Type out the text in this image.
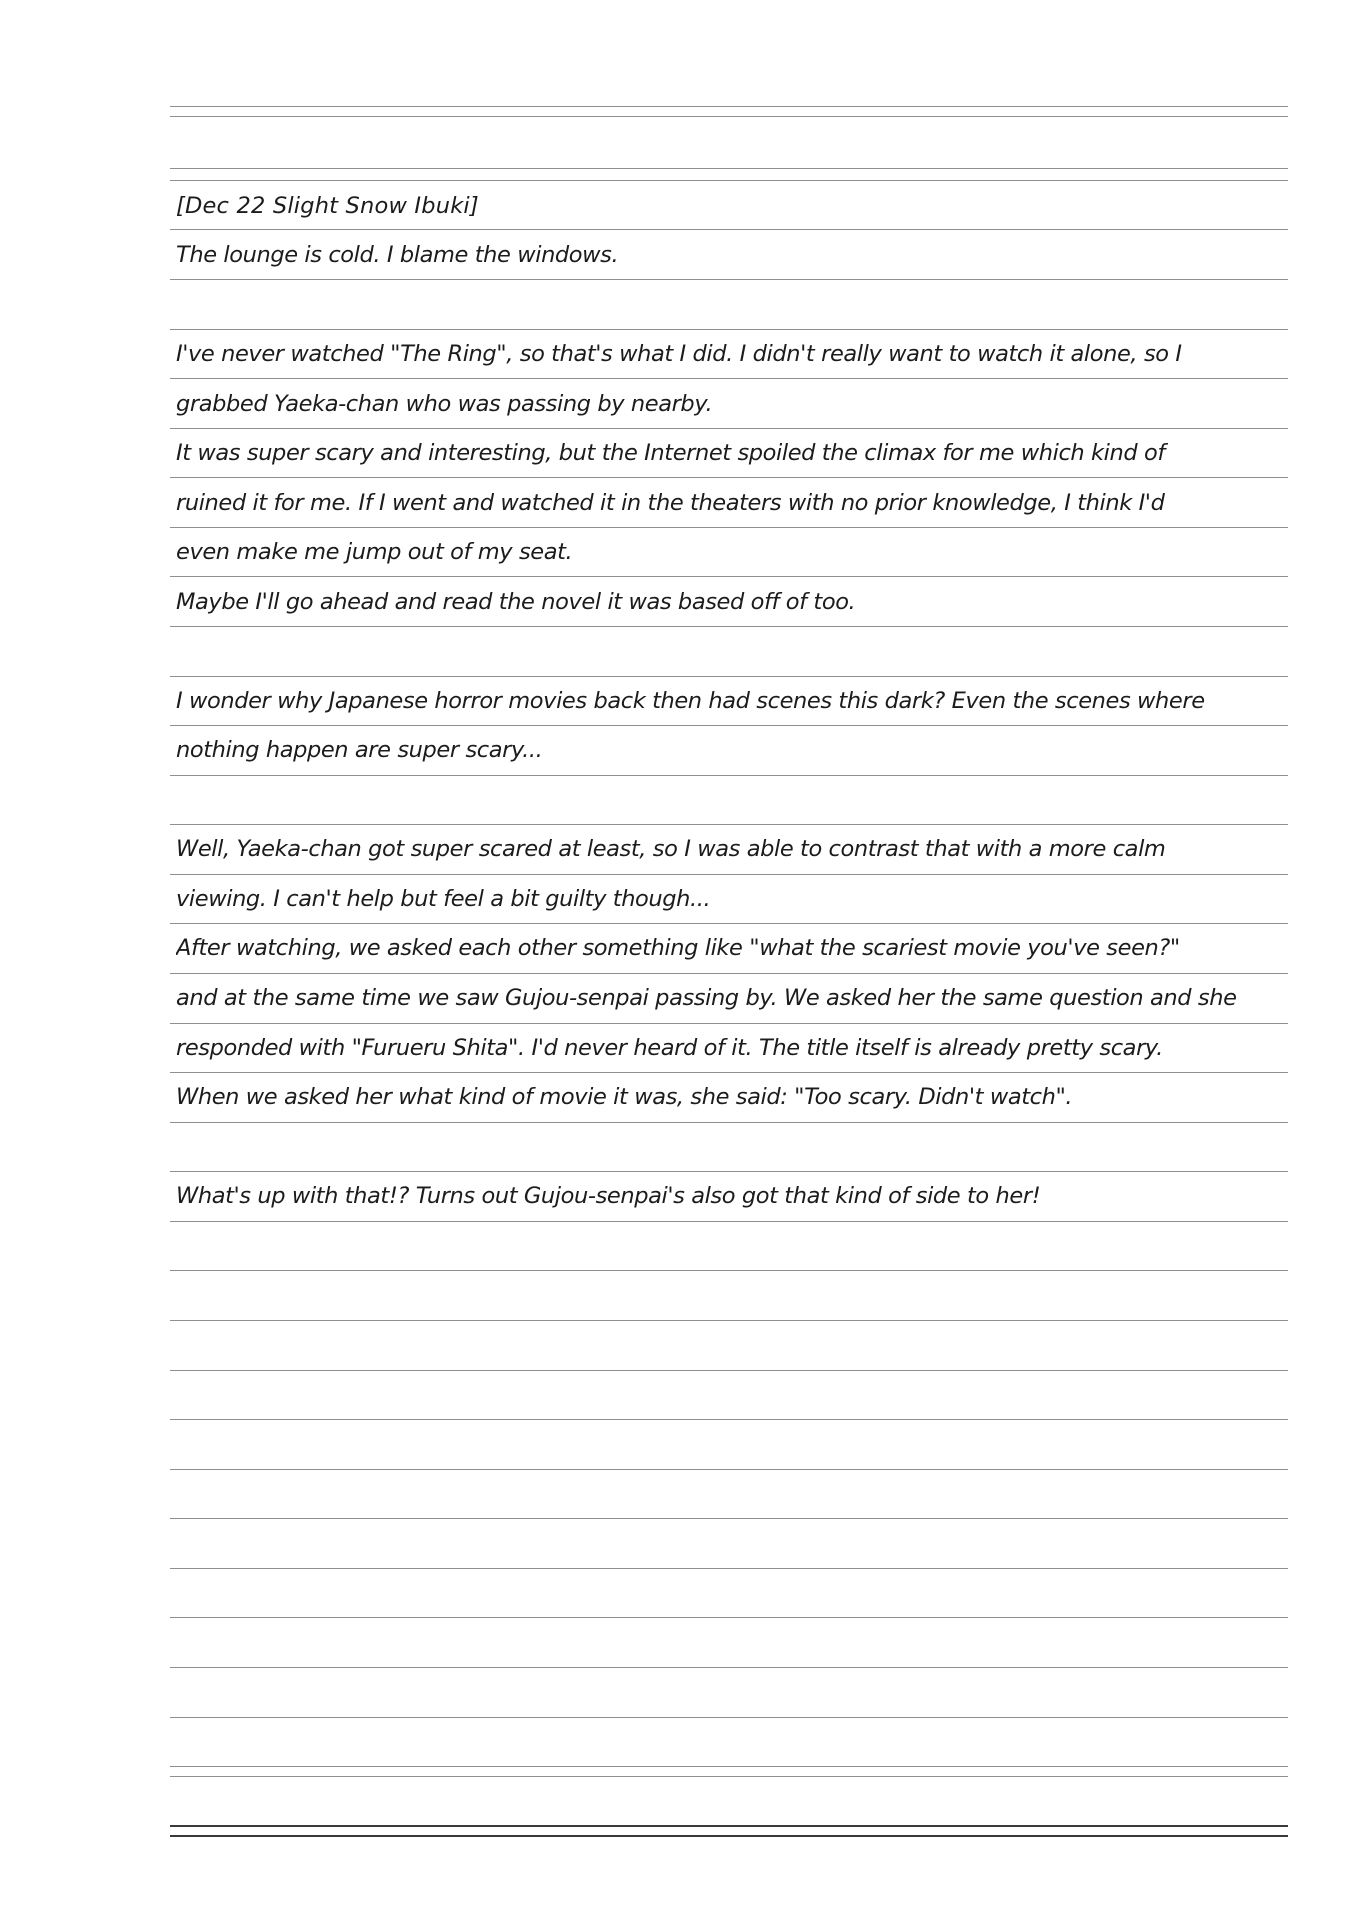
[Dec 22 Slight Snow Ibuki]
The lounge is cold. I blame the windows.
I've never watched "The Ring", so that's what I did. I didn't really want to watch it alone, so I
grabbed Yaeka-chan who was passing by nearby.
It was super scary and interesting, but the Internet spoiled the climax for me which kind of
ruined it for me. If I went and watched it in the theaters with no prior knowledge, I think I'd
even make me jump out of my seat.
Maybe I'll go ahead and read the novel it was based off of too.
I wonder why Japanese horror movies back then had scenes this dark? Even the scenes where
nothing happen are super scary...
Well, Yaeka-chan got super scared at least, so I was able to contrast that with a more calm
viewing. I can't help but feel a bit guilty though...
After watching, we asked each other something like "what the scariest movie you've seen?"
and at the same time we saw Gujou-senpai passing by. We asked her the same question and she
responded with "Furueru Shita". I'd never heard of it. The title itself is already pretty scary.
When we asked her what kind of movie it was, she said: "Too scary. Didn't watch".
What's up with that!? Turns out Gujou-senpai's also got that kind of side to her!
